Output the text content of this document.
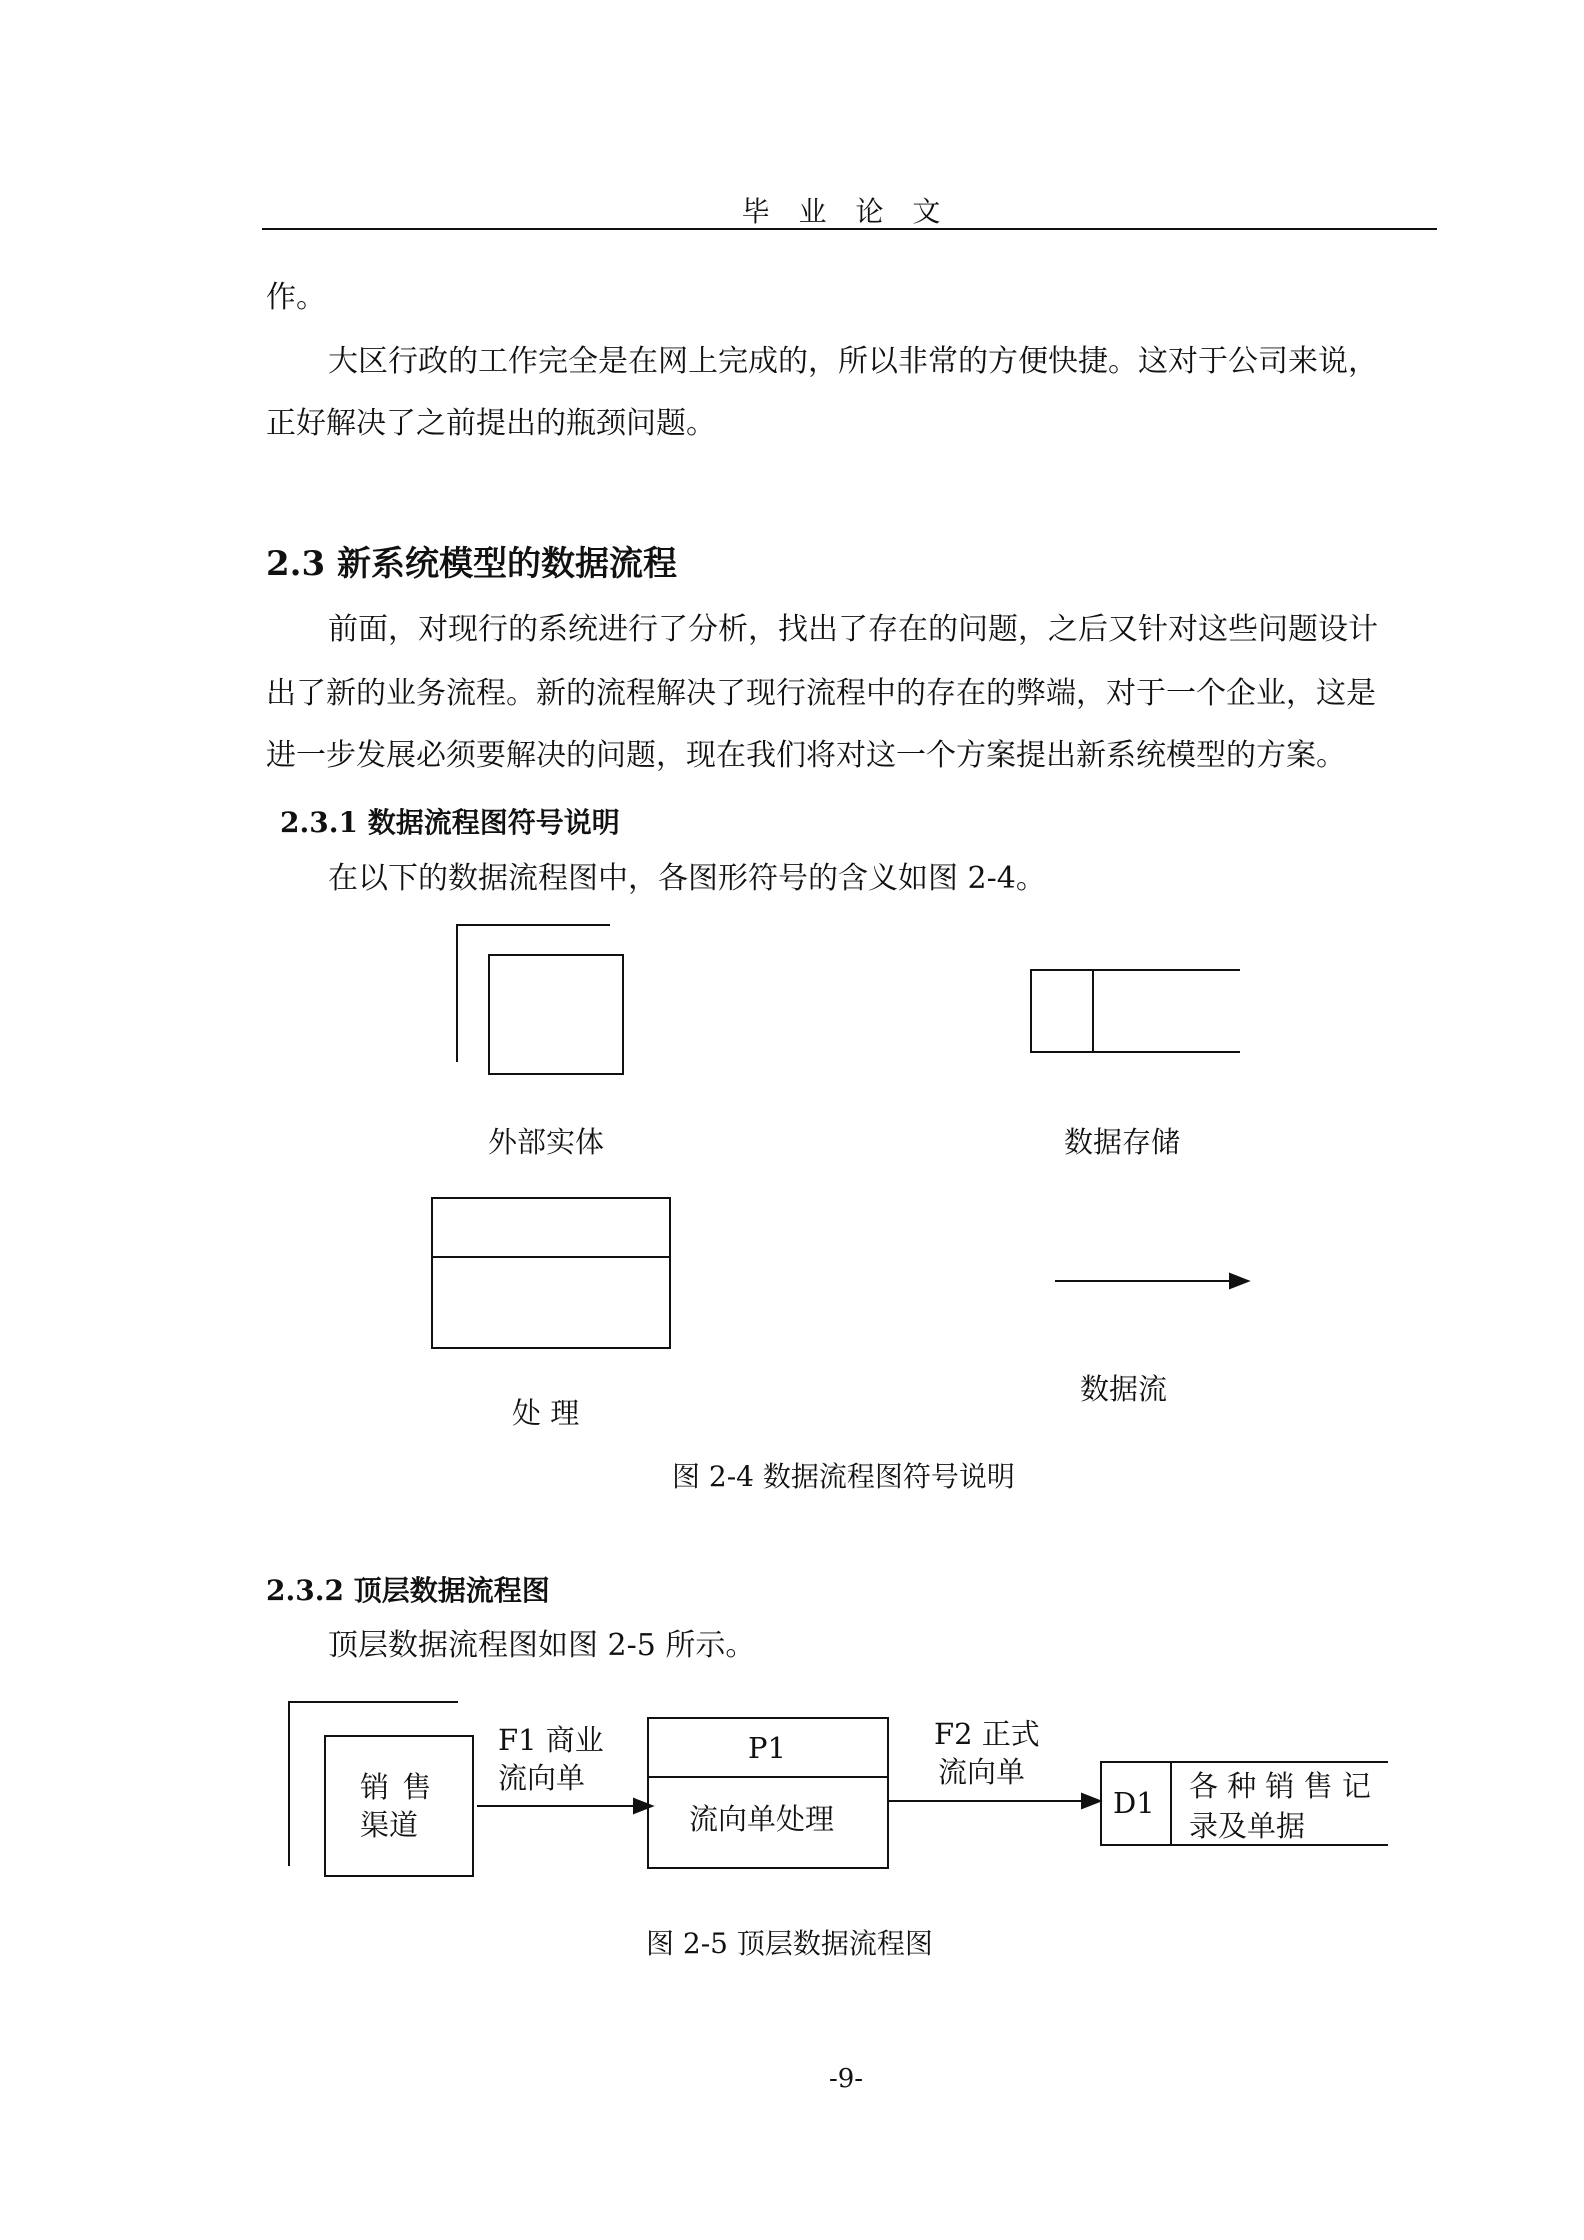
毕 业 论 文
作。
大区行政的工作完全是在网上完成的，所以非常的方便快捷。这对于公司来说，
正好解决了之前提出的瓶颈问题。
2.3 新系统模型的数据流程
前面，对现行的系统进行了分析，找出了存在的问题，之后又针对这些问题设计
出了新的业务流程。新的流程解决了现行流程中的存在的弊端，对于一个企业，这是
进一步发展必须要解决的问题，现在我们将对这一个方案提出新系统模型的方案。
2.3.1 数据流程图符号说明
在以下的数据流程图中，各图形符号的含义如图 2-4。
外部实体	数据存储
处 理
数据流
图 2-4 数据流程图符号说明
2.3.2 顶层数据流程图
顶层数据流程图如图 2-5 所示。
销 售
渠道
F1 商业
流向单
P1
流向单处理
F2 正式
流向单
D1 各 种 销 售 记
录及单据
图 2-5 顶层数据流程图
-9-
